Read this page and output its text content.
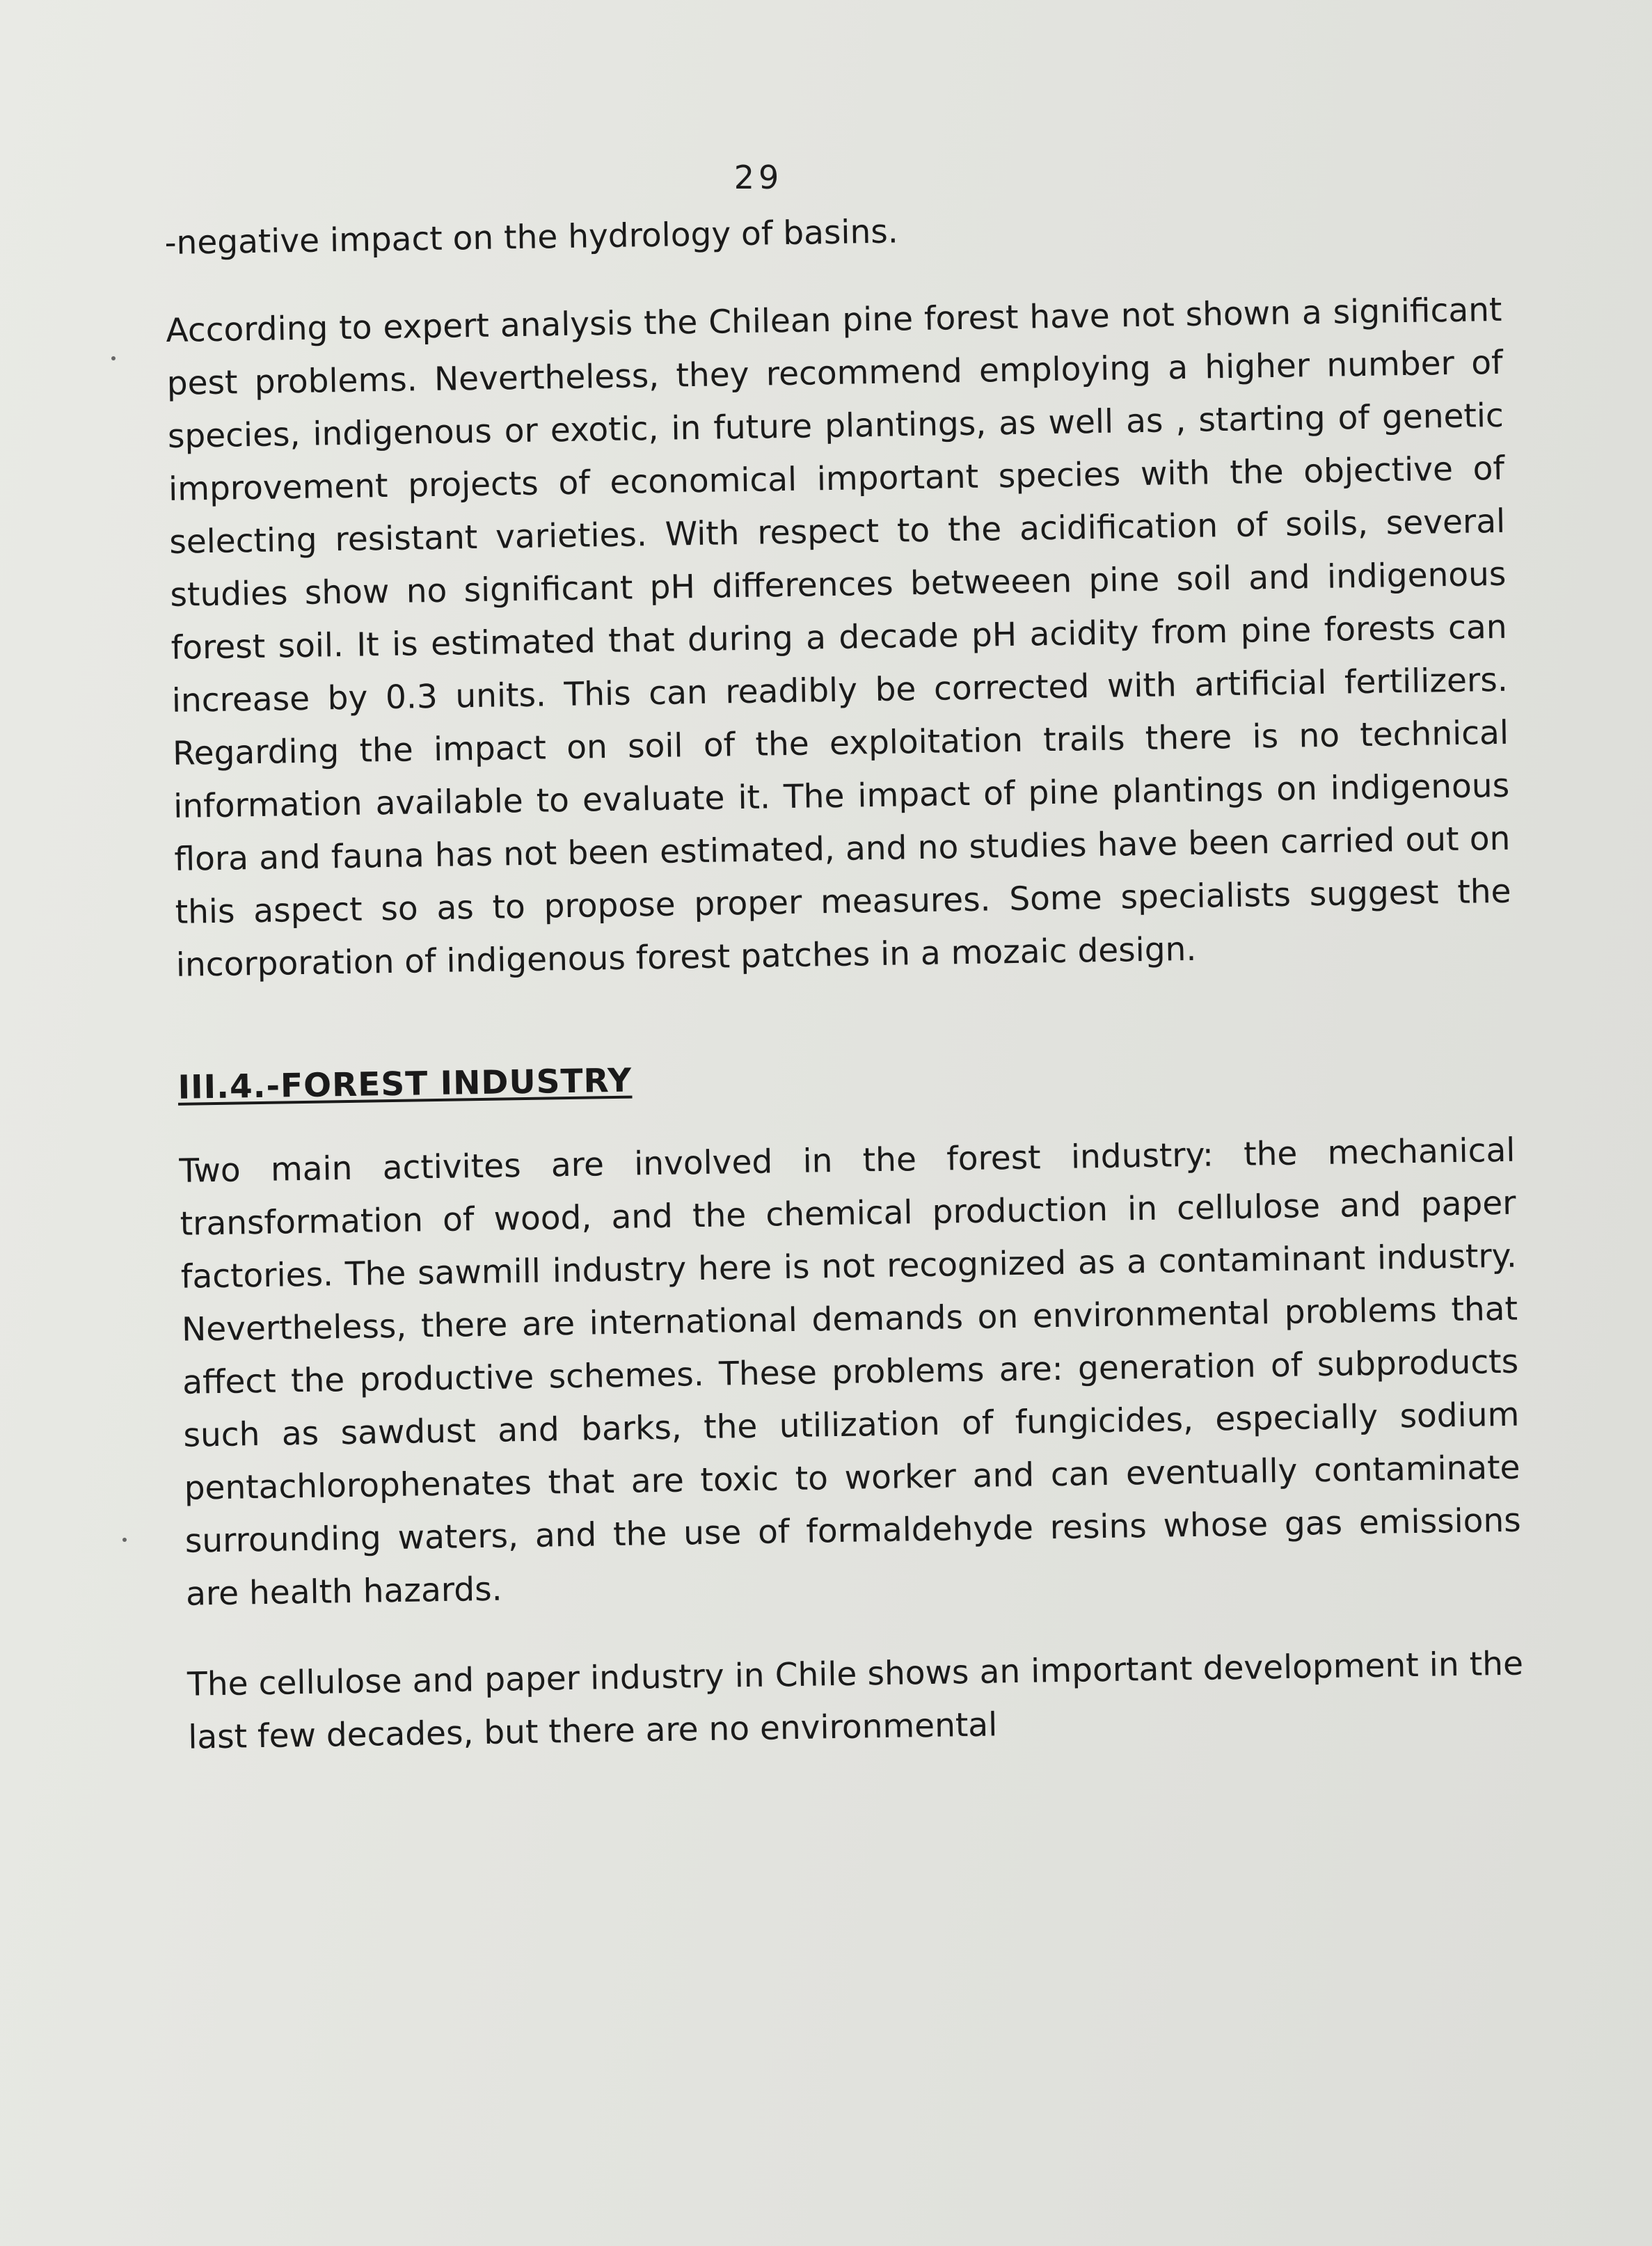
29

-negative impact on the hydrology of basins.

According to expert analysis the Chilean pine forest have not shown a significant pest problems. Nevertheless, they recommend employing a higher number of species, indigenous or exotic, in future plantings, as well as , starting of genetic improvement projects of economical important species with the objective of selecting resistant varieties. With respect to the acidification of soils, several studies show no significant pH differences betweeen pine soil and indigenous forest soil. It is estimated that during a decade pH acidity from pine forests can increase by 0.3 units. This can readibly be corrected with artificial fertilizers. Regarding the impact on soil of the exploitation trails there is no technical information available to evaluate it. The impact of pine plantings on indigenous flora and fauna has not been estimated, and no studies have been carried out on this aspect so as to propose proper measures. Some specialists suggest the incorporation of indigenous forest patches in a mozaic design.

III.4.-FOREST INDUSTRY

Two main activites are involved in the forest industry: the mechanical transformation of wood, and the chemical production in cellulose and paper factories. The sawmill industry here is not recognized as a contaminant industry. Nevertheless, there are international demands on environmental problems that affect the productive schemes. These problems are: generation of subproducts such as sawdust and barks, the utilization of fungicides, especially sodium pentachlorophenates that are toxic to worker and can eventually contaminate surrounding waters, and the use of formaldehyde resins whose gas emissions are health hazards.

The cellulose and paper industry in Chile shows an important development in the last few decades, but there are no environmental
